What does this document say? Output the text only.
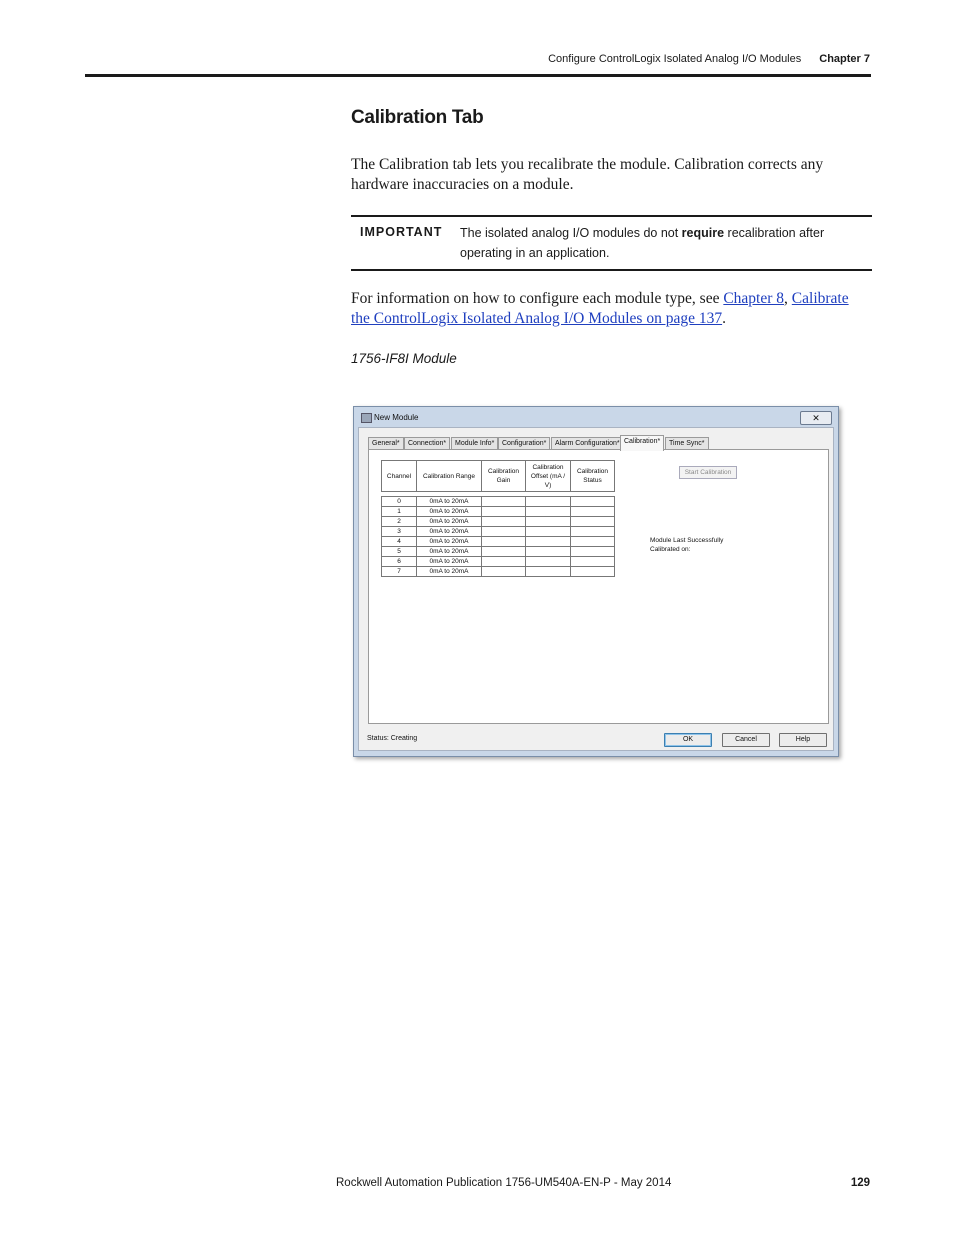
Configure ControlLogix Isolated Analog I/O Modules Chapter 7
Calibration Tab
The Calibration tab lets you recalibrate the module. Calibration corrects any hardware inaccuracies on a module.
IMPORTANT The isolated analog I/O modules do not require recalibration after operating in an application.
For information on how to configure each module type, see Chapter 8, Calibrate the ControlLogix Isolated Analog I/O Modules on page 137.
1756-IF8I Module
New Module	✕
General*	Connection*	Module Info*	Configuration*	Alarm Configuration* Calibration*	Time Sync*
Channel	Calibration Range	Calibration Gain	Calibration Offset (mA / V)	Calibration Status

0	0mA to 20mA			
1	0mA to 20mA			
2	0mA to 20mA			
3	0mA to 20mA			
4	0mA to 20mA			
5	0mA to 20mA			
6	0mA to 20mA			
7	0mA to 20mA			
Start Calibration
Module Last Successfully
Calibrated on:
Status: Creating	OK	Cancel	Help
Rockwell Automation Publication 1756-UM540A-EN-P - May 2014	129
